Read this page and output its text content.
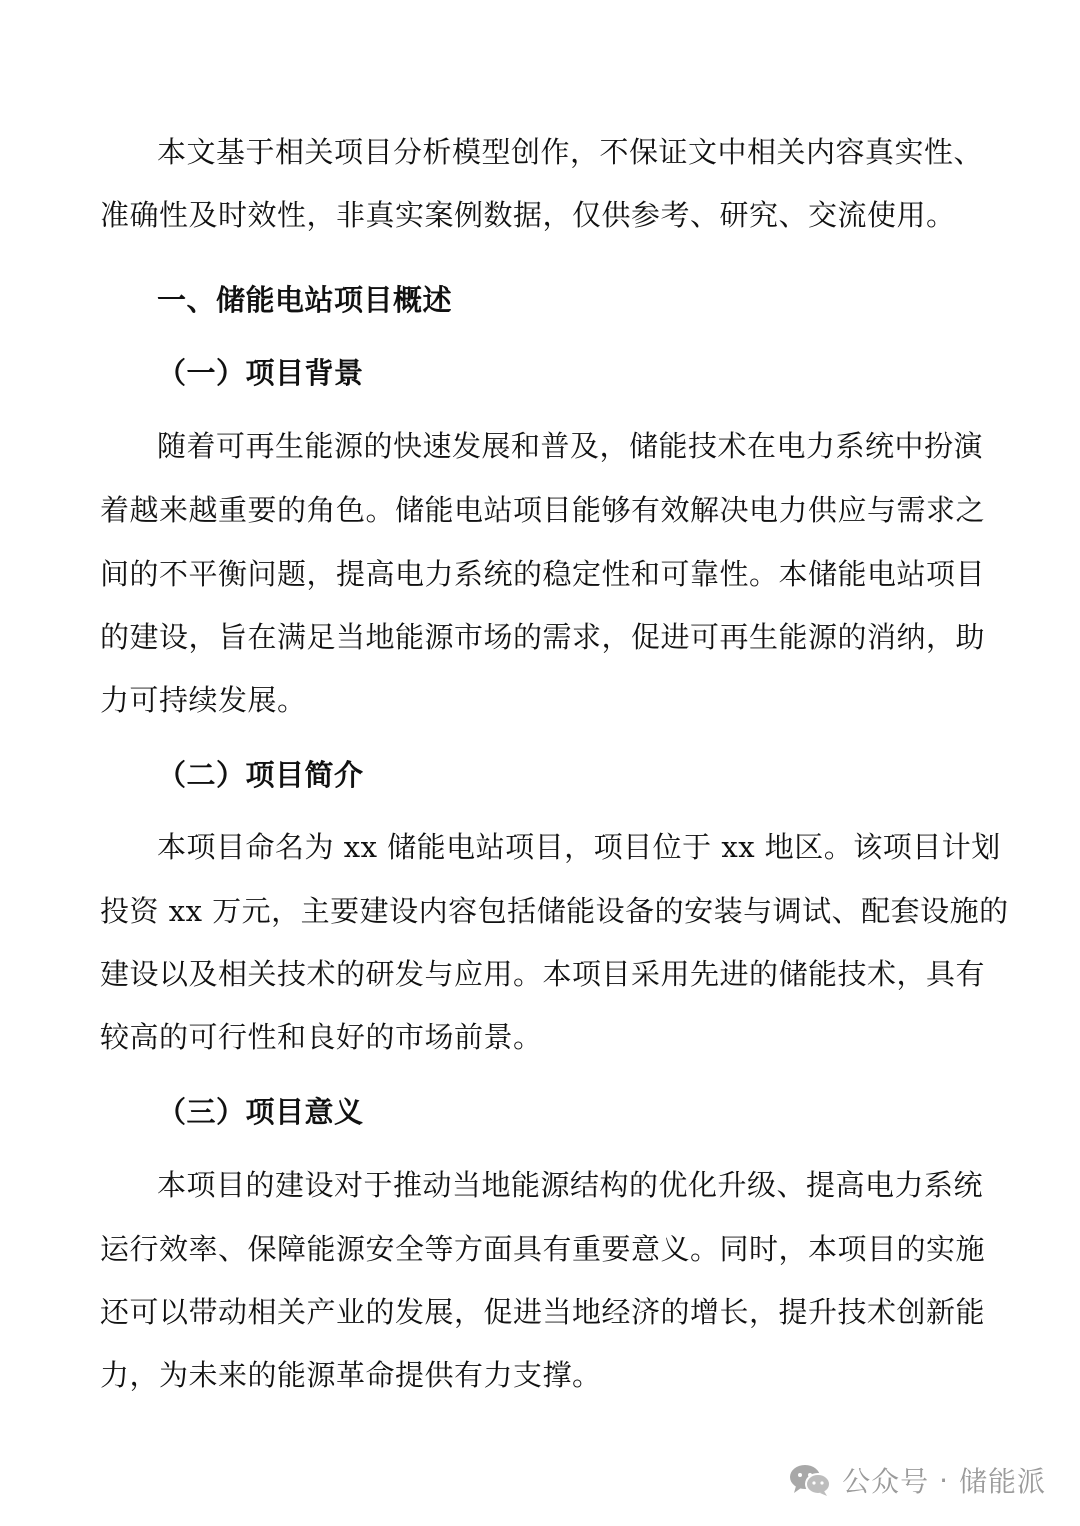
本文基于相关项目分析模型创作，不保证文中相关内容真实性、
准确性及时效性，非真实案例数据，仅供参考、研究、交流使用。
一、储能电站项目概述
（一）项目背景
随着可再生能源的快速发展和普及，储能技术在电力系统中扮演
着越来越重要的角色。储能电站项目能够有效解决电力供应与需求之
间的不平衡问题，提高电力系统的稳定性和可靠性。本储能电站项目
的建设，旨在满足当地能源市场的需求，促进可再生能源的消纳，助
力可持续发展。
（二）项目简介
本项目命名为 xx 储能电站项目，项目位于 xx 地区。该项目计划
投资 xx 万元，主要建设内容包括储能设备的安装与调试、配套设施的
建设以及相关技术的研发与应用。本项目采用先进的储能技术，具有
较高的可行性和良好的市场前景。
（三）项目意义
本项目的建设对于推动当地能源结构的优化升级、提高电力系统
运行效率、保障能源安全等方面具有重要意义。同时，本项目的实施
还可以带动相关产业的发展，促进当地经济的增长，提升技术创新能
力，为未来的能源革命提供有力支撑。
公众号 · 储能派
